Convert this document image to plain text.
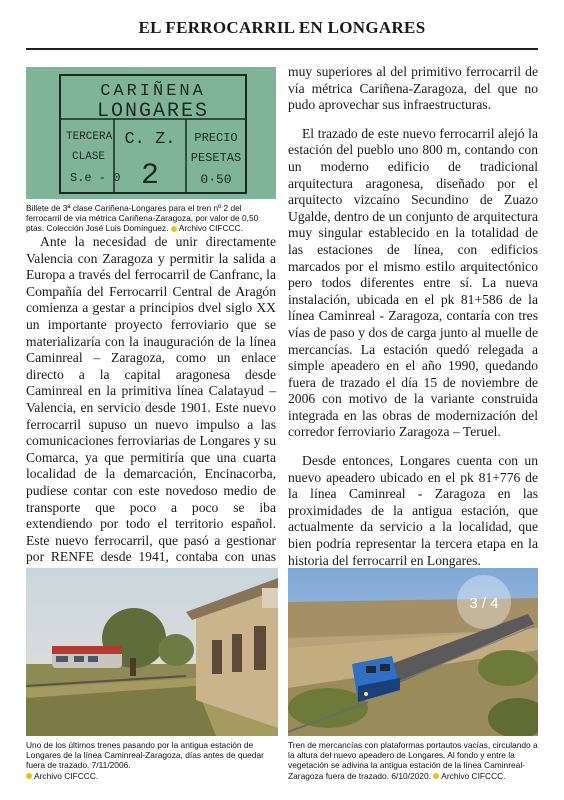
EL FERROCARRIL EN LONGARES
CARIÑENA
LONGARES
TERCERA
CLASE
S.e - 0
C. Z.
2
PRECIO
PESETAS
0·50
Billete de 3ª clase Cariñena-Longares para el tren nº 2 del ferrocarril de vía métrica Cariñena-Zaragoza, por valor de 0,50 ptas. Colección José Luis Domínguez. Archivo CIFCCC.

Ante la necesidad de unir directamente Valencia con Zaragoza y permitir la salida a Europa a través del ferrocarril de Canfranc, la Compañía del Ferrocarril Central de Aragón comienza a gestar a principios dvel siglo XX un importante proyecto ferroviario que se materializaría con la inauguración de la línea Caminreal – Zaragoza, como un enlace directo a la capital aragonesa desde Caminreal en la primitiva línea Calatayud – Valencia, en servicio desde 1901. Este nuevo ferrocarril supuso un nuevo impulso a las comunicaciones ferroviarias de Longares y su Comarca, ya que permitiría que una cuarta localidad de la demarcación, Encinacorba, pudiese contar con este novedoso medio de transporte que poco a poco se iba extendiendo por todo el territorio español. Este nuevo ferrocarril, que pasó a gestionar por RENFE desde 1941, contaba con unas

muy superiores al del primitivo ferrocarril de vía métrica Cariñena-Zaragoza, del que no pudo aprovechar sus infraestructuras.

El trazado de este nuevo ferrocarril alejó la estación del pueblo uno 800 m, contando con un moderno edificio de tradicional arquitectura aragonesa, diseñado por el arquitecto vizcaíno Secundino de Zuazo Ugalde, dentro de un conjunto de arquitectura muy singular establecido en la totalidad de las estaciones de línea, con edificios marcados por el mismo estilo arquitectónico pero todos diferentes entre sí. La nueva instalación, ubicada en el pk 81+586 de la línea Caminreal - Zaragoza, contaría con tres vías de paso y dos de carga junto al muelle de mercancías. La estación quedó relegada a simple apeadero en el año 1990, quedando fuera de trazado el día 15 de noviembre de 2006 con motivo de la variante construida integrada en las obras de modernización del corredor ferroviario Zaragoza – Teruel.

Desde entonces, Longares cuenta con un nuevo apeadero ubicado en el pk 81+776 de la línea Caminreal - Zaragoza en las proximidades de la antigua estación, que actualmente da servicio a la localidad, que bien podría representar la tercera etapa en la historia del ferrocarril en Longares.

Uno de los últimos trenes pasando por la antigua estación de Longares de la línea Caminreal-Zaragoza, días antes de quedar fuera de trazado. 7/11/2006.
Archivo CIFCCC.
3 / 4
Tren de mercancías con plataformas portautos vacías, circulando a la altura del nuevo apeadero de Longares. Al fondo y entre la vegetación se adivina la antigua estación de la línea Caminreal-Zaragoza fuera de trazado. 6/10/2020. Archivo CIFCCC.
